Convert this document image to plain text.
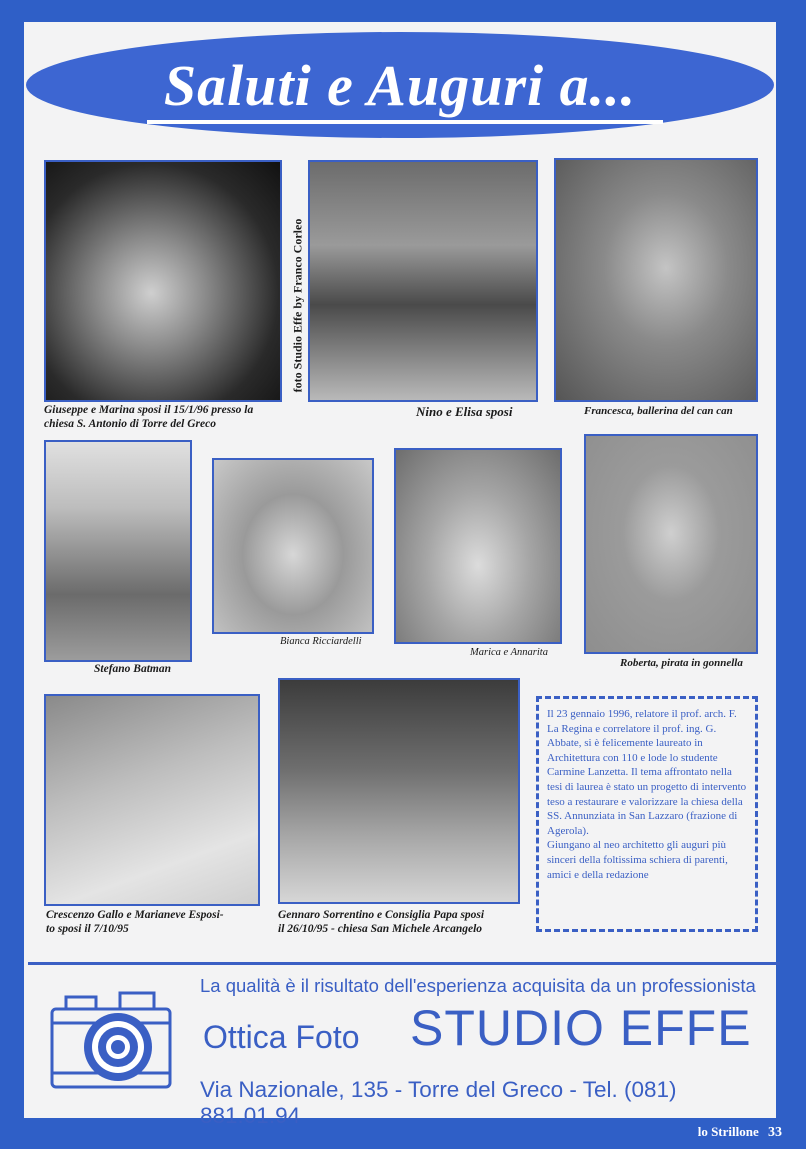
Saluti e Auguri a...
Giuseppe e Marina sposi il 15/1/96 presso la
chiesa S. Antonio di Torre del Greco
foto Studio Effe by Franco Corleo
Nino e Elisa sposi	Francesca, ballerina del can can
Stefano Batman
Bianca Ricciardelli
Marica e Annarita
Roberta, pirata in gonnella
Crescenzo Gallo e Marianeve Esposi-
to sposi il 7/10/95
Gennaro Sorrentino e Consiglia Papa sposi
il 26/10/95 - chiesa San Michele Arcangelo

Il 23 gennaio 1996, relatore il prof. arch. F. La Regina e correlatore il prof. ing. G. Abbate, si è felicemente laureato in Architettura con 110 e lode lo studente Carmine Lanzetta. Il tema affrontato nella tesi di laurea è stato un progetto di intervento teso a restaurare e valorizzare la chiesa della SS. Annunziata in San Lazzaro (frazione di Agerola).

Giungano al neo architetto gli auguri più sinceri della foltissima schiera di parenti, amici e della redazione

La qualità è il risultato dell'esperienza acquisita da un professionista
Ottica Foto STUDIO EFFE
Via Nazionale, 135 - Torre del Greco - Tel. (081) 881.01.94
lo Strillone 33
